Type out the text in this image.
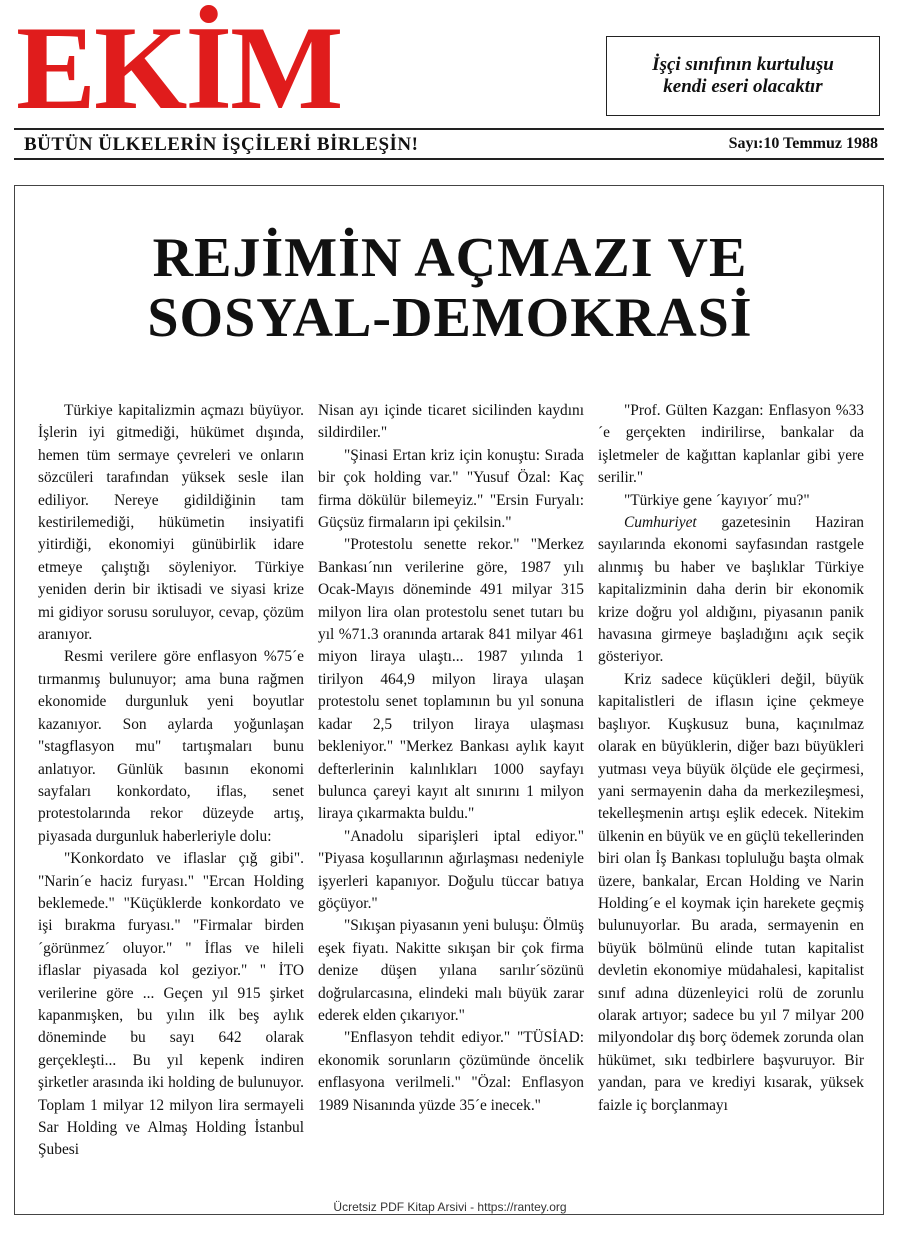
EKİM	İşçi sınıfının kurtuluşu
kendi eseri olacaktır
BÜTÜN ÜLKELERİN İŞÇİLERİ BİRLEŞİN!	Sayı:10 Temmuz 1988
REJİMİN AÇMAZI VE
SOSYAL-DEMOKRASİ

Türkiye kapitalizmin açmazı büyüyor. İşlerin iyi gitmediği, hükümet dışında, hemen tüm sermaye çevreleri ve onların sözcüleri tarafından yüksek sesle ilan ediliyor. Nereye gidildiğinin tam kestirilemediği, hükümetin insiyatifi yitirdiği, ekonomiyi günübirlik idare etmeye çalıştığı söyleniyor. Türkiye yeniden derin bir iktisadi ve siyasi krize mi gidiyor sorusu soruluyor, cevap, çözüm aranıyor.

Resmi verilere göre enflasyon %75´e tırmanmış bulunuyor; ama buna rağmen ekonomide durgunluk yeni boyutlar kazanıyor. Son aylarda yoğunlaşan "stagflasyon mu" tartışmaları bunu anlatıyor. Günlük basının ekonomi sayfaları konkordato, iflas, senet protestolarında rekor düzeyde artış, piyasada durgunluk haberleriyle dolu:

"Konkordato ve iflaslar çığ gibi". "Narin´e haciz furyası." "Ercan Holding beklemede." "Küçüklerde konkordato ve işi bırakma furyası." "Firmalar birden ´görünmez´ oluyor." " İflas ve hileli iflaslar piyasada kol geziyor." " İTO verilerine göre ... Geçen yıl 915 şirket kapanmışken, bu yılın ilk beş aylık döneminde bu sayı 642 olarak gerçekleşti... Bu yıl kepenk indiren şirketler arasında iki holding de bulunuyor. Toplam 1 milyar 12 milyon lira sermayeli Sar Holding ve Almaş Holding İstanbul Şubesi

Nisan ayı içinde ticaret sicilinden kaydını sildirdiler."

"Şinasi Ertan kriz için konuştu: Sırada bir çok holding var." "Yusuf Özal: Kaç firma dökülür bilemeyiz." "Ersin Furyalı: Güçsüz firmaların ipi çekilsin."

"Protestolu senette rekor." "Merkez Bankası´nın verilerine göre, 1987 yılı Ocak-Mayıs döneminde 491 milyar 315 milyon lira olan protestolu senet tutarı bu yıl %71.3 oranında artarak 841 milyar 461 miyon liraya ulaştı... 1987 yılında 1 tirilyon 464,9 milyon liraya ulaşan protestolu senet toplamının bu yıl sonuna kadar 2,5 trilyon liraya ulaşması bekleniyor." "Merkez Bankası aylık kayıt defterlerinin kalınlıkları 1000 sayfayı bulunca çareyi kayıt alt sınırını 1 milyon liraya çıkarmakta buldu."

"Anadolu siparişleri iptal ediyor." "Piyasa koşullarının ağırlaşması nedeniyle işyerleri kapanıyor. Doğulu tüccar batıya göçüyor."

"Sıkışan piyasanın yeni buluşu: Ölmüş eşek fiyatı. Nakitte sıkışan bir çok firma denize düşen yılana sarılır´sözünü doğrularcasına, elindeki malı büyük zarar ederek elden çıkarıyor."

"Enflasyon tehdit ediyor." "TÜSİAD: ekonomik sorunların çözümünde öncelik enflasyona verilmeli." "Özal: Enflasyon 1989 Nisanında yüzde 35´e inecek."

"Prof. Gülten Kazgan: Enflasyon %33´e gerçekten indirilirse, bankalar da işletmeler de kağıttan kaplanlar gibi yere serilir."

"Türkiye gene ´kayıyor´ mu?"

Cumhuriyet gazetesinin Haziran sayılarında ekonomi sayfasından rastgele alınmış bu haber ve başlıklar Türkiye kapitalizminin daha derin bir ekonomik krize doğru yol aldığını, piyasanın panik havasına girmeye başladığını açık seçik gösteriyor.

Kriz sadece küçükleri değil, büyük kapitalistleri de iflasın içine çekmeye başlıyor. Kuşkusuz buna, kaçınılmaz olarak en büyüklerin, diğer bazı büyükleri yutması veya büyük ölçüde ele geçirmesi, yani sermayenin daha da merkezileşmesi, tekelleşmenin artışı eşlik edecek. Nitekim ülkenin en büyük ve en güçlü tekellerinden biri olan İş Bankası topluluğu başta olmak üzere, bankalar, Ercan Holding ve Narin Holding´e el koymak için harekete geçmiş bulunuyorlar. Bu arada, sermayenin en büyük bölmünü elinde tutan kapitalist devletin ekonomiye müdahalesi, kapitalist sınıf adına düzenleyici rolü de zorunlu olarak artıyor; sadece bu yıl 7 milyar 200 milyondolar dış borç ödemek zorunda olan hükümet, sıkı tedbirlere başvuruyor. Bir yandan, para ve krediyi kısarak, yüksek faizle iç borçlanmayı

Ücretsiz PDF Kitap Arsivi - https://rantey.org
